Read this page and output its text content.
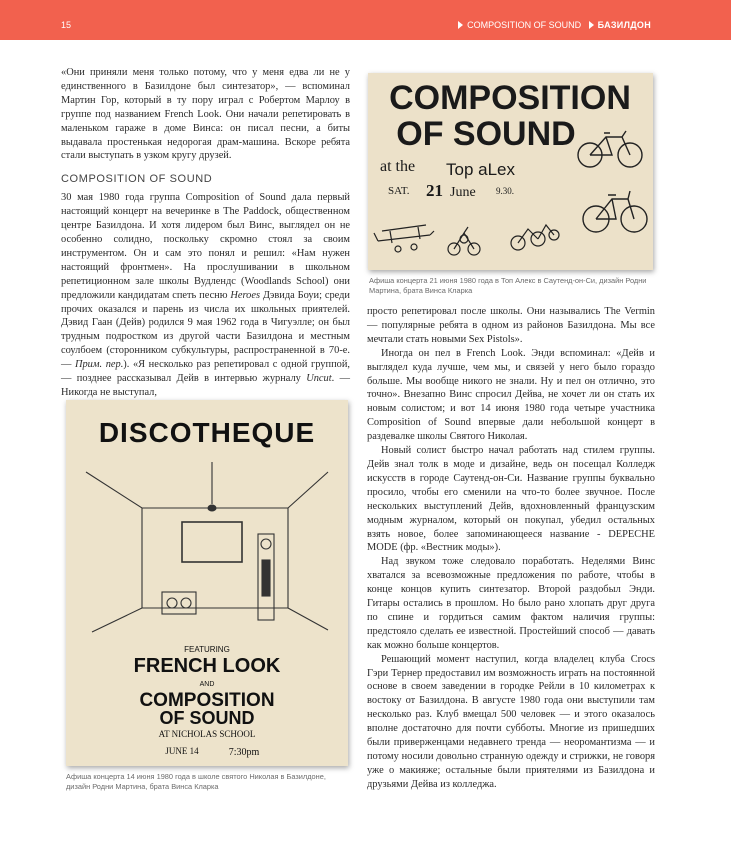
15	COMPOSITION OF SOUND БАЗИЛДОН

«Они приняли меня только потому, что у меня едва ли не у единственного в Базилдоне был синтезатор», — вспоминал Мартин Гор, который в ту пору играл с Робертом Марлоу в группе под названием French Look. Они начали репетировать в маленьком гараже в доме Винса: он писал песни, а биты выдавала простенькая недорогая драм-машина. Вскоре ребята стали выступать в узком кругу друзей.

COMPOSITION OF SOUND

30 мая 1980 года группа Composition of Sound дала первый настоящий концерт на вечеринке в The Paddock, общественном центре Базилдона. И хотя лидером был Винс, выглядел он не особенно солидно, поскольку скромно стоял за своим инструментом. Он и сам это понял и решил: «Нам нужен настоящий фронтмен». На прослушивании в школьном репетиционном зале школы Вудлендс (Woodlands School) они предложили кандидатам спеть песню Heroes Дэвида Боуи; среди прочих оказался и парень из числа их школьных приятелей. Дэвид Гаан (Дейв) родился 9 мая 1962 года в Чигуэлле; он был трудным подростком из другой части Базилдона и местным соулбоем (сторонником субкультуры, распространенной в 70-е. — Прим. пер.). «Я несколько раз репетировал с одной группой, — позднее рассказывал Дейв в интервью журналу Uncut. — Никогда не выступал,

COMPOSITION
OF SOUND
at the Top aLex
SAT. 21 June 9.30.
Афиша концерта 21 июня 1980 года в Топ Алекс в Саутенд-он-Си, дизайн Родни Мартина, брата Винса Кларка

просто репетировал после школы. Они назывались The Vermin — популярные ребята в одном из районов Базилдона. Мы все мечтали стать новыми Sex Pistols».

Иногда он пел в French Look. Энди вспоминал: «Дейв и выглядел куда лучше, чем мы, и связей у него было гораздо больше. Мы вообще никого не знали. Ну и пел он отлично, это точно». Внезапно Винс спросил Дейва, не хочет ли он стать их новым солистом; и вот 14 июня 1980 года четыре участника Composition of Sound впервые дали небольшой концерт в раздевалке школы Святого Николая.

Новый солист быстро начал работать над стилем группы. Дейв знал толк в моде и дизайне, ведь он посещал Колледж искусств в городе Саутенд-он-Си. Название группы буквально просило, чтобы его сменили на что-то более звучное. После нескольких выступлений Дейв, вдохновленный французским модным журналом, который он покупал, убедил остальных взять новое, более запоминающееся название - DEPECHE MODE (фр. «Вестник моды»).

Над звуком тоже следовало поработать. Неделями Винс хватался за всевозможные предложения по работе, чтобы в конце концов купить синтезатор. Второй раздобыл Энди. Гитары остались в прошлом. Но было рано хлопать друг друга по спине и гордиться самим фактом наличия группы: предстояло сделать ее известной. Простейший способ — давать как можно больше концертов.

Решающий момент наступил, когда владелец клуба Crocs Гэри Тернер предоставил им возможность играть на постоянной основе в своем заведении в городке Рейли в 10 километрах к востоку от Базилдона. В августе 1980 года они выступили там несколько раз. Клуб вмещал 500 человек — и этого оказалось вполне достаточно для почти субботы. Многие из пришедших были приверженцами недавнего тренда — неоромантизма — и потому носили довольно странную одежду и стрижки, не говоря уже о макияже; остальные были приятелями из Базилдона и друзьями Дейва из колледжа.

DISCOTHEQUE
FEATURING
FRENCH LOOK
AND
COMPOSITION
OF SOUND
AT NICHOLAS SCHOOL
JUNE 14	7:30pm
Афиша концерта 14 июня 1980 года в школе святого Николая в Базилдоне, дизайн Родни Мартина, брата Винса Кларка
